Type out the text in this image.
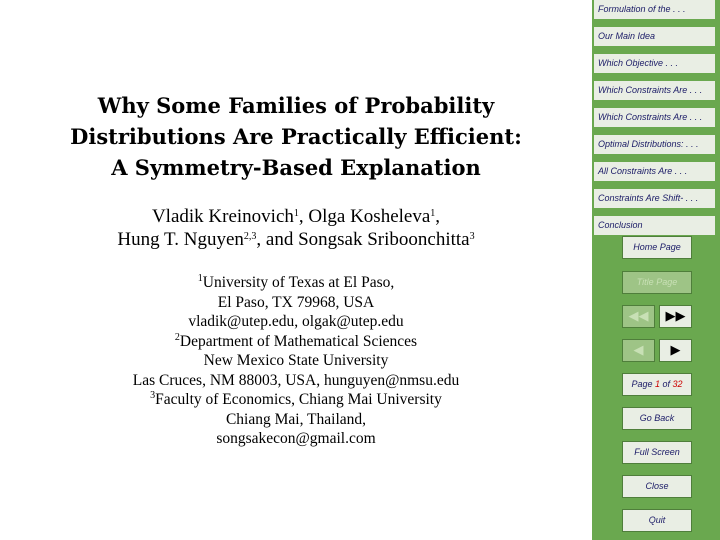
Why Some Families of Probability
Distributions Are Practically Efficient:
A Symmetry-Based Explanation
Vladik Kreinovich$^1$, Olga Kosheleva$^1$,
Hung T. Nguyen$^{2,3}$, and Songsak Sriboonchitta$^3$
$^1$University of Texas at El Paso,
El Paso, TX 79968, USA
vladik@utep.edu, olgak@utep.edu
$^2$Department of Mathematical Sciences
New Mexico State University
Las Cruces, NM 88003, USA, hunguyen@nmsu.edu
$^3$Faculty of Economics, Chiang Mai University
Chiang Mai, Thailand,
songsakecon@gmail.com
Formulation of the . . .
Our Main Idea
Which Objective . . .
Which Constraints Are . . .
Which Constraints Are . . .
Optimal Distributions: . . .
All Constraints Are . . .
Constraints Are Shift- . . .
Conclusion
Home Page
Title Page
◀◀	▶▶
◀	▶
Page 1 of 32
Go Back
Full Screen
Close
Quit
